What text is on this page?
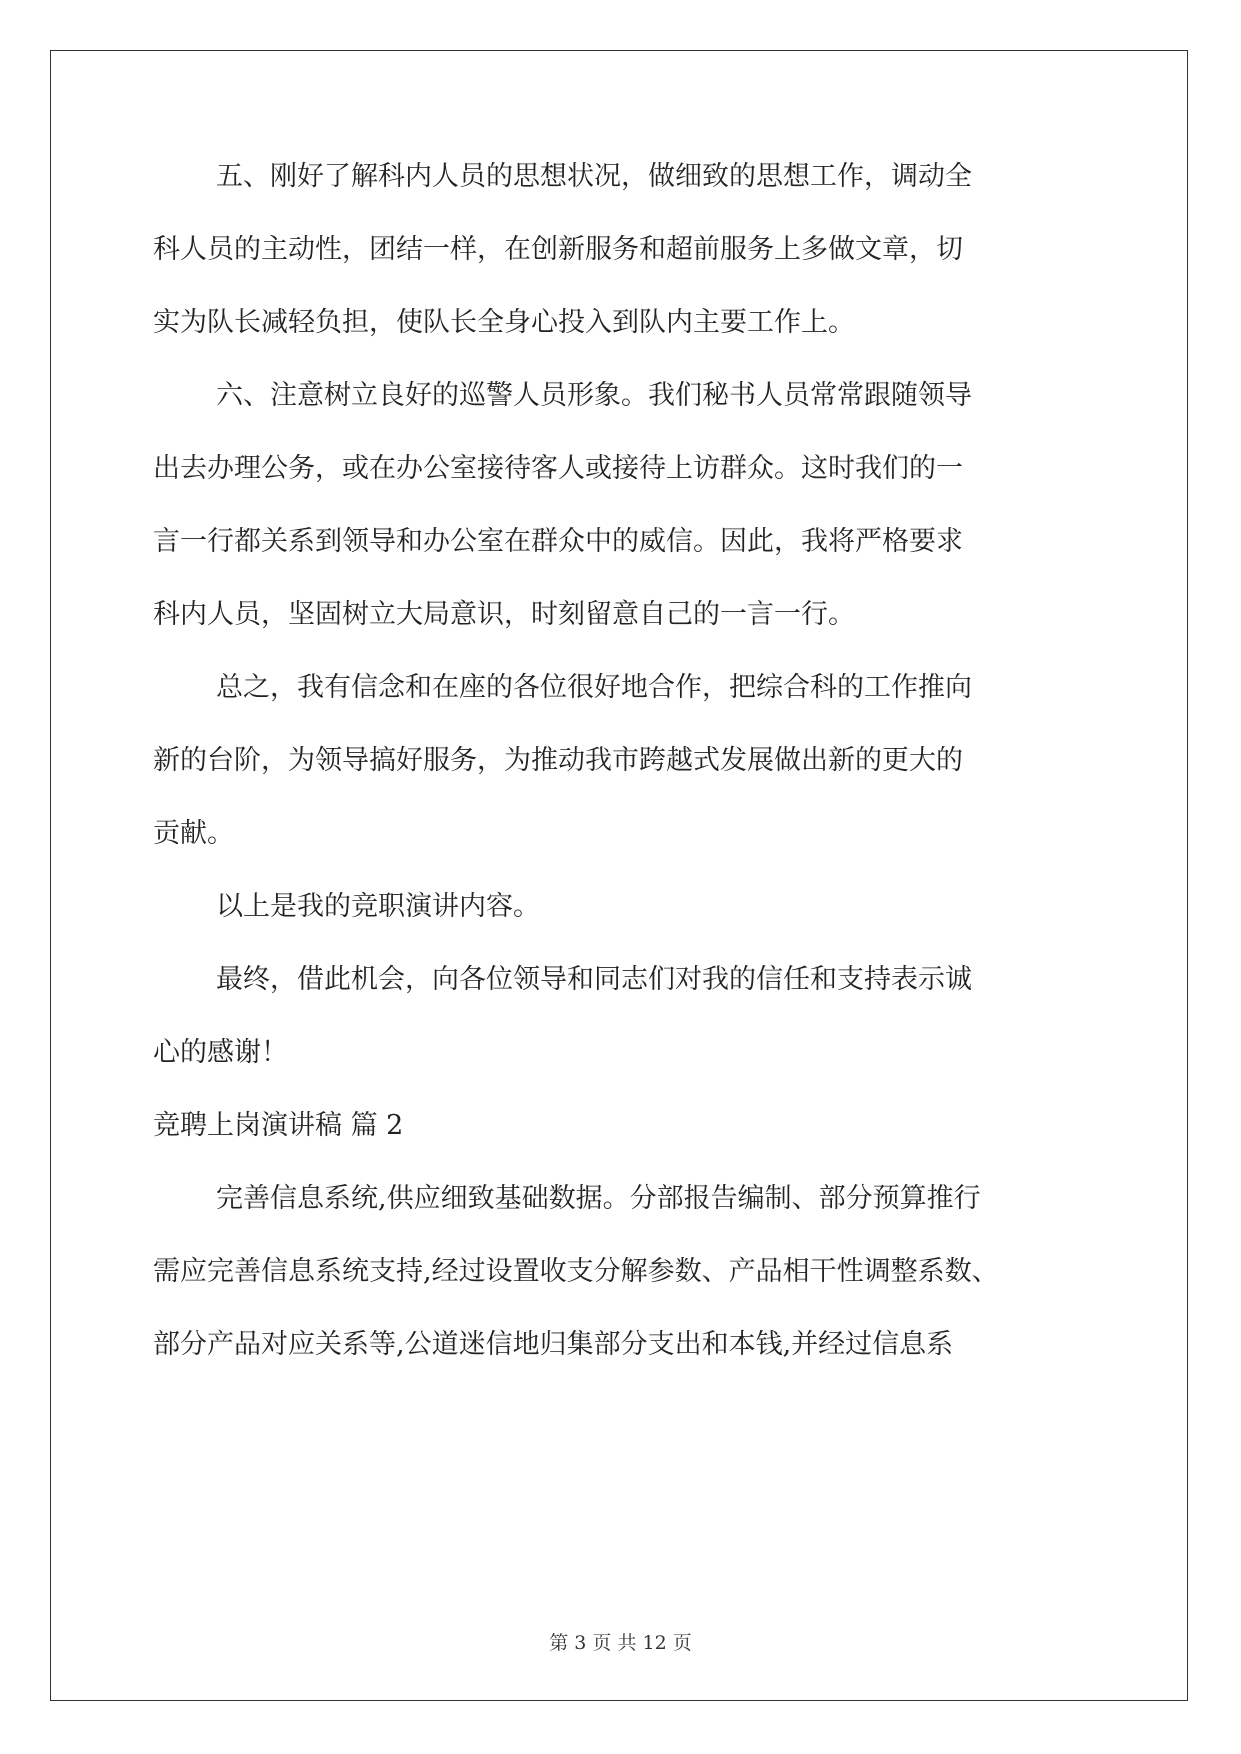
五、刚好了解科内人员的思想状况，做细致的思想工作，调动全
科人员的主动性，团结一样，在创新服务和超前服务上多做文章，切
实为队长减轻负担，使队长全身心投入到队内主要工作上。
六、注意树立良好的巡警人员形象。我们秘书人员常常跟随领导
出去办理公务，或在办公室接待客人或接待上访群众。这时我们的一
言一行都关系到领导和办公室在群众中的威信。因此，我将严格要求
科内人员，坚固树立大局意识，时刻留意自己的一言一行。
总之，我有信念和在座的各位很好地合作，把综合科的工作推向
新的台阶，为领导搞好服务，为推动我市跨越式发展做出新的更大的
贡献。
以上是我的竞职演讲内容。
最终，借此机会，向各位领导和同志们对我的信任和支持表示诚
心的感谢！
竞聘上岗演讲稿 篇 2
完善信息系统,供应细致基础数据。分部报告编制、部分预算推行
需应完善信息系统支持,经过设置收支分解参数、产品相干性调整系数、
部分产品对应关系等,公道迷信地归集部分支出和本钱,并经过信息系
第 3 页 共 12 页
